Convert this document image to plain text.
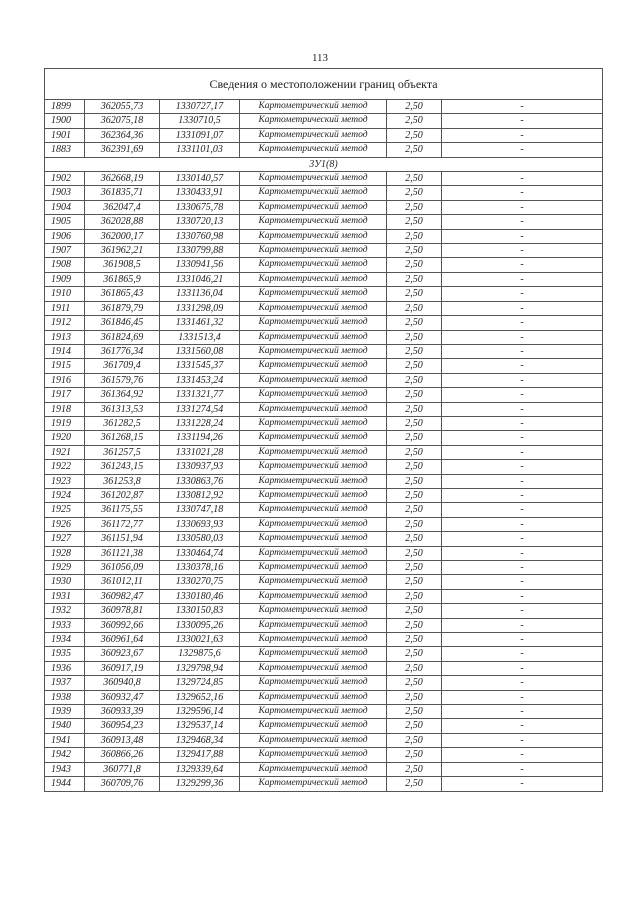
113
Сведения о местоположении границ объекта					
1899	362055,73	1330727,17	Картометрический метод	2,50	-
1900	362075,18	1330710,5	Картометрический метод	2,50	-
1901	362364,36	1331091,07	Картометрический метод	2,50	-
1883	362391,69	1331101,03	Картометрический метод	2,50	-
3У1(8)					
1902	362668,19	1330140,57	Картометрический метод	2,50	-
1903	361835,71	1330433,91	Картометрический метод	2,50	-
1904	362047,4	1330675,78	Картометрический метод	2,50	-
1905	362028,88	1330720,13	Картометрический метод	2,50	-
1906	362000,17	1330760,98	Картометрический метод	2,50	-
1907	361962,21	1330799,88	Картометрический метод	2,50	-
1908	361908,5	1330941,56	Картометрический метод	2,50	-
1909	361865,9	1331046,21	Картометрический метод	2,50	-
1910	361865,43	1331136,04	Картометрический метод	2,50	-
1911	361879,79	1331298,09	Картометрический метод	2,50	-
1912	361846,45	1331461,32	Картометрический метод	2,50	-
1913	361824,69	1331513,4	Картометрический метод	2,50	-
1914	361776,34	1331560,08	Картометрический метод	2,50	-
1915	361709,4	1331545,37	Картометрический метод	2,50	-
1916	361579,76	1331453,24	Картометрический метод	2,50	-
1917	361364,92	1331321,77	Картометрический метод	2,50	-
1918	361313,53	1331274,54	Картометрический метод	2,50	-
1919	361282,5	1331228,24	Картометрический метод	2,50	-
1920	361268,15	1331194,26	Картометрический метод	2,50	-
1921	361257,5	1331021,28	Картометрический метод	2,50	-
1922	361243,15	1330937,93	Картометрический метод	2,50	-
1923	361253,8	1330863,76	Картометрический метод	2,50	-
1924	361202,87	1330812,92	Картометрический метод	2,50	-
1925	361175,55	1330747,18	Картометрический метод	2,50	-
1926	361172,77	1330693,93	Картометрический метод	2,50	-
1927	361151,94	1330580,03	Картометрический метод	2,50	-
1928	361121,38	1330464,74	Картометрический метод	2,50	-
1929	361056,09	1330378,16	Картометрический метод	2,50	-
1930	361012,11	1330270,75	Картометрический метод	2,50	-
1931	360982,47	1330180,46	Картометрический метод	2,50	-
1932	360978,81	1330150,83	Картометрический метод	2,50	-
1933	360992,66	1330095,26	Картометрический метод	2,50	-
1934	360961,64	1330021,63	Картометрический метод	2,50	-
1935	360923,67	1329875,6	Картометрический метод	2,50	-
1936	360917,19	1329798,94	Картометрический метод	2,50	-
1937	360940,8	1329724,85	Картометрический метод	2,50	-
1938	360932,47	1329652,16	Картометрический метод	2,50	-
1939	360933,39	1329596,14	Картометрический метод	2,50	-
1940	360954,23	1329537,14	Картометрический метод	2,50	-
1941	360913,48	1329468,34	Картометрический метод	2,50	-
1942	360866,26	1329417,88	Картометрический метод	2,50	-
1943	360771,8	1329339,64	Картометрический метод	2,50	-
1944	360709,76	1329299,36	Картометрический метод	2,50	-
